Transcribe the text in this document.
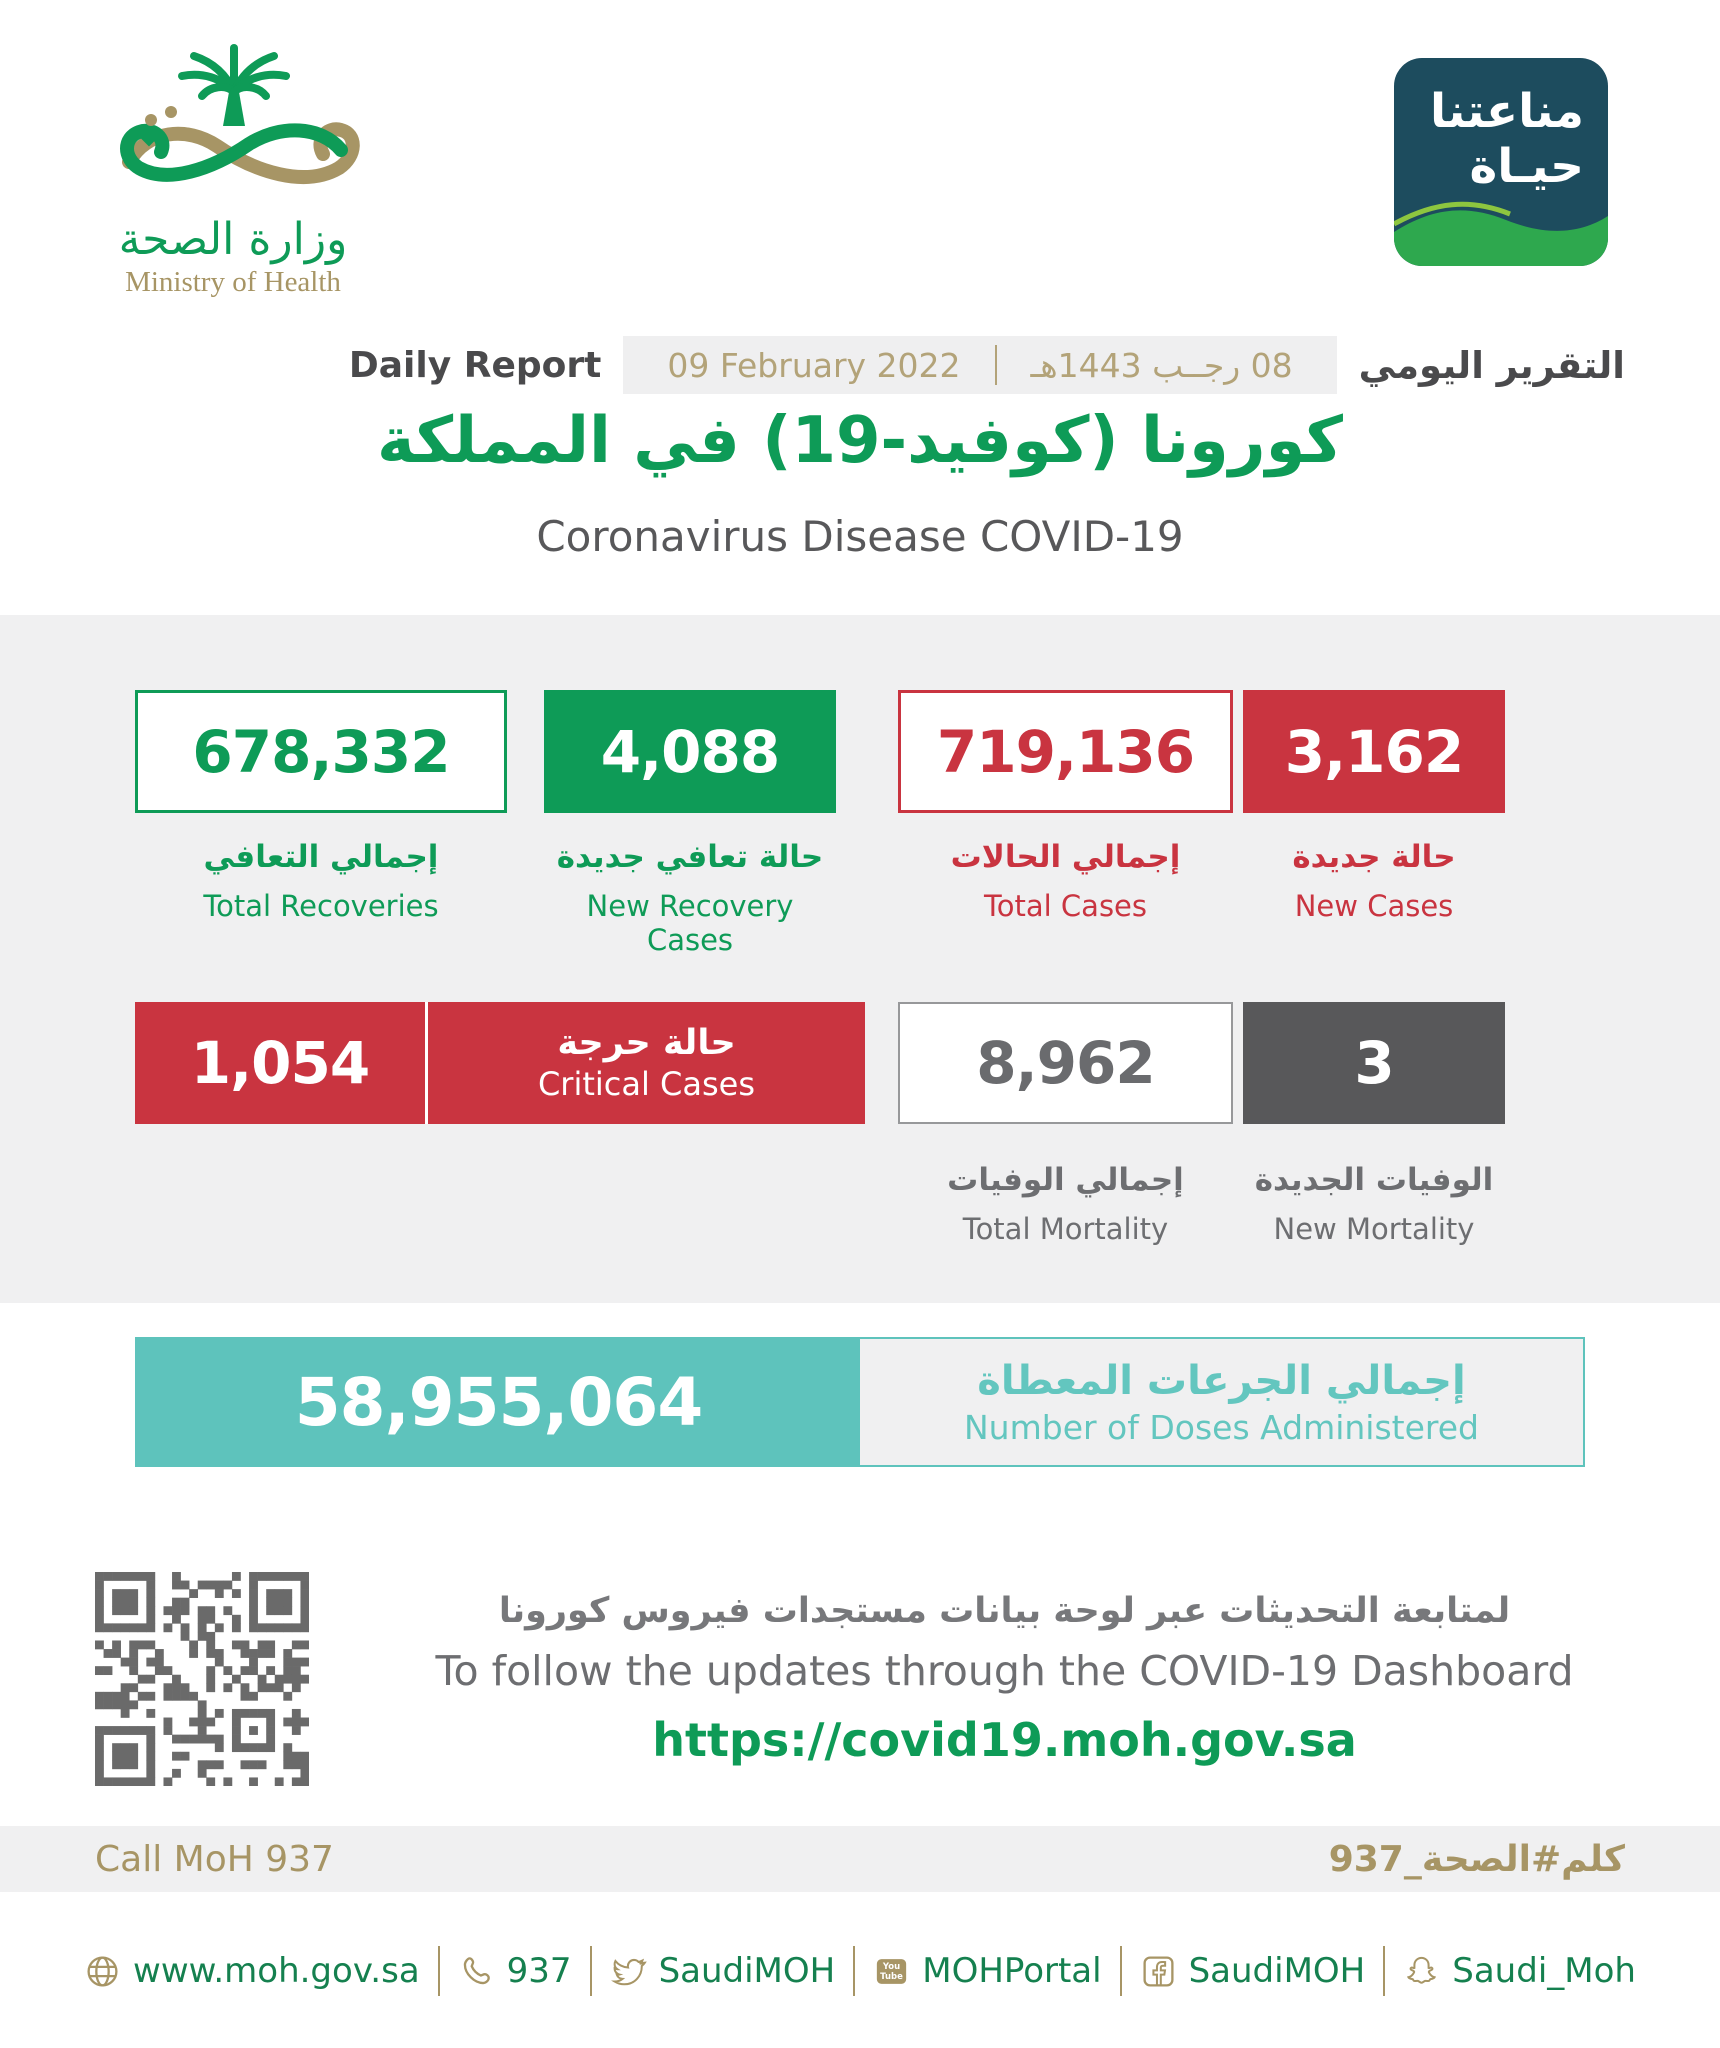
وزارة الصحة
Ministry of Health
مناعتنا
حيـاة
Daily Report 09 February 2022 08 رجــب 1443هـ التقرير اليومي
كورونا (كوفيد-19) في المملكة
Coronavirus Disease COVID-19
678,332
إجمالي التعافي
Total Recoveries
4,088
حالة تعافي جديدة
New Recovery Cases
719,136
إجمالي الحالات
Total Cases
3,162
حالة جديدة
New Cases
1,054	حالة حرجة
Critical Cases	8,962
إجمالي الوفيات
Total Mortality
3
الوفيات الجديدة
New Mortality
58,955,064	إجمالي الجرعات المعطاة
Number of Doses Administered
لمتابعة التحديثات عبر لوحة بيانات مستجدات فيروس كورونا
To follow the updates through the COVID-19 Dashboard
https://covid19.moh.gov.sa
Call MoH 937	كلم#الصحة_937
www.moh.gov.sa	937	SaudiMOH	You
Tube MOHPortal	SaudiMOH	Saudi_Moh
